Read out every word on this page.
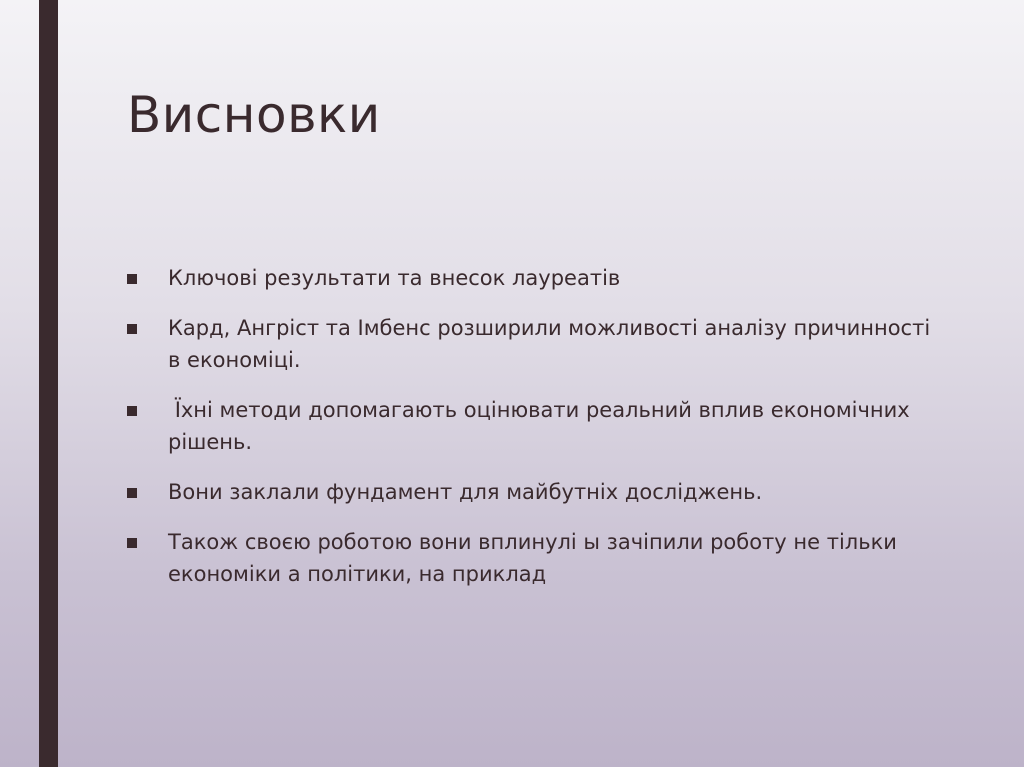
Висновки
Ключові результати та внесок лауреатів
Кард, Ангріст та Імбенс розширили можливості аналізу причинності в економіці.
Їхні методи допомагають оцінювати реальний вплив економічних рішень.
Вони заклали фундамент для майбутніх досліджень.
Також своєю роботою вони вплинулі ы зачіпили роботу не тільки економіки а політики, на приклад
